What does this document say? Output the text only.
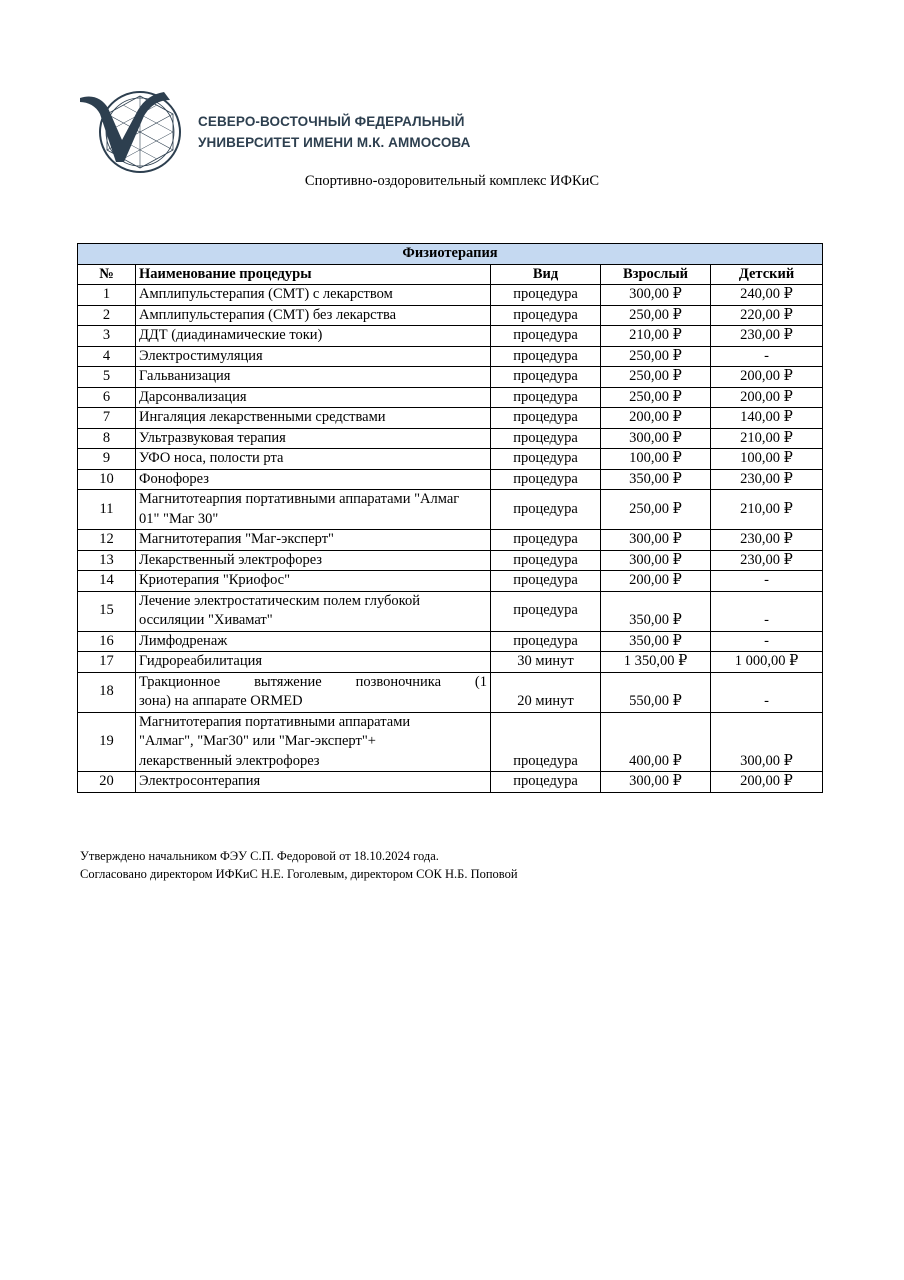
СЕВЕРО-ВОСТОЧНЫЙ ФЕДЕРАЛЬНЫЙ
УНИВЕРСИТЕТ ИМЕНИ М.К. АММОСОВА
Спортивно-оздоровительный комплекс ИФКиС
Физиотерапия				
№	Наименование процедуры	Вид	Взрослый	Детский
1	Амплипульстерапия (СМТ) с лекарством	процедура	300,00 ₽	240,00 ₽
2	Амплипульстерапия (СМТ) без лекарства	процедура	250,00 ₽	220,00 ₽
3	ДДТ (диадинамические токи)	процедура	210,00 ₽	230,00 ₽
4	Электростимуляция	процедура	250,00 ₽	-
5	Гальванизация	процедура	250,00 ₽	200,00 ₽
6	Дарсонвализация	процедура	250,00 ₽	200,00 ₽
7	Ингаляция лекарственными средствами	процедура	200,00 ₽	140,00 ₽
8	Ультразвуковая терапия	процедура	300,00 ₽	210,00 ₽
9	УФО носа, полости рта	процедура	100,00 ₽	100,00 ₽
10	Фонофорез	процедура	350,00 ₽	230,00 ₽
11	Магнитотеарпия портативными аппаратами "Алмаг
01" "Маг 30"	процедура	250,00 ₽	210,00 ₽
12	Магнитотерапия "Маг-эксперт"	процедура	300,00 ₽	230,00 ₽
13	Лекарственный электрофорез	процедура	300,00 ₽	230,00 ₽
14	Криотерапия "Криофос"	процедура	200,00 ₽	-
15	Лечение электростатическим полем глубокой
оссиляции "Хивамат"	процедура	350,00 ₽	-
16	Лимфодренаж	процедура	350,00 ₽	-
17	Гидрореабилитация	30 минут	1 350,00 ₽	1 000,00 ₽
18	Тракционное вытяжение позвоночника (1
зона) на аппарате ORMED	20 минут	550,00 ₽	-
19	Магнитотерапия портативными аппаратами
"Алмаг", "Маг30" или "Маг-эксперт"+
лекарственный электрофорез	процедура	400,00 ₽	300,00 ₽
20	Электросонтерапия	процедура	300,00 ₽	200,00 ₽
Утверждено начальником ФЭУ С.П. Федоровой от 18.10.2024 года.
Согласовано директором ИФКиС Н.Е. Гоголевым, директором СОК Н.Б. Поповой
